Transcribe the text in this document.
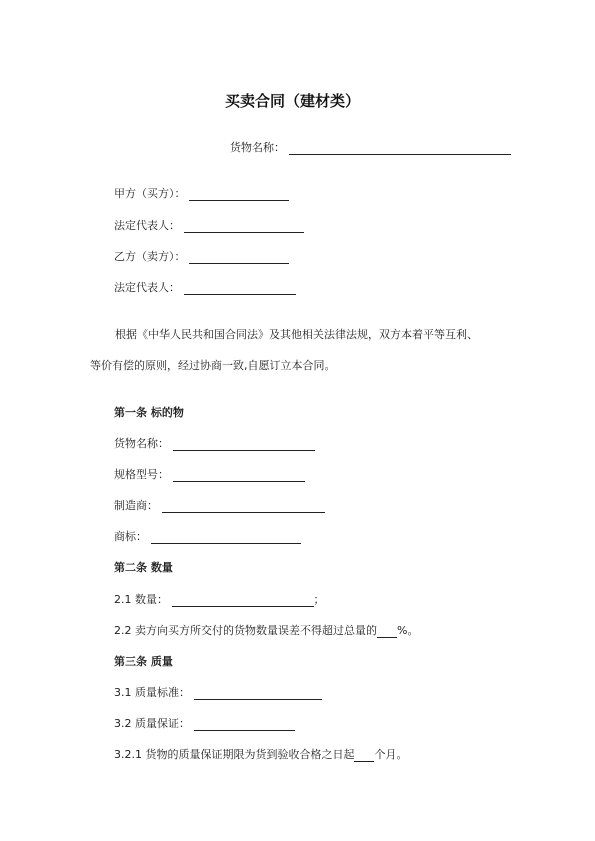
买卖合同（建材类）
货物名称：
甲方（买方）：
法定代表人：
乙方（卖方）：
法定代表人：
根据《中华人民共和国合同法》及其他相关法律法规，双方本着平等互利、
等价有偿的原则，经过协商一致,自愿订立本合同。
第一条 标的物
货物名称：
规格型号：
制造商：
商标：
第二条 数量
2.1 数量：	；
2.2 卖方向买方所交付的货物数量误差不得超过总量的 %。
第三条 质量
3.1 质量标准：
3.2 质量保证：
3.2.1 货物的质量保证期限为货到验收合格之日起 个月。
